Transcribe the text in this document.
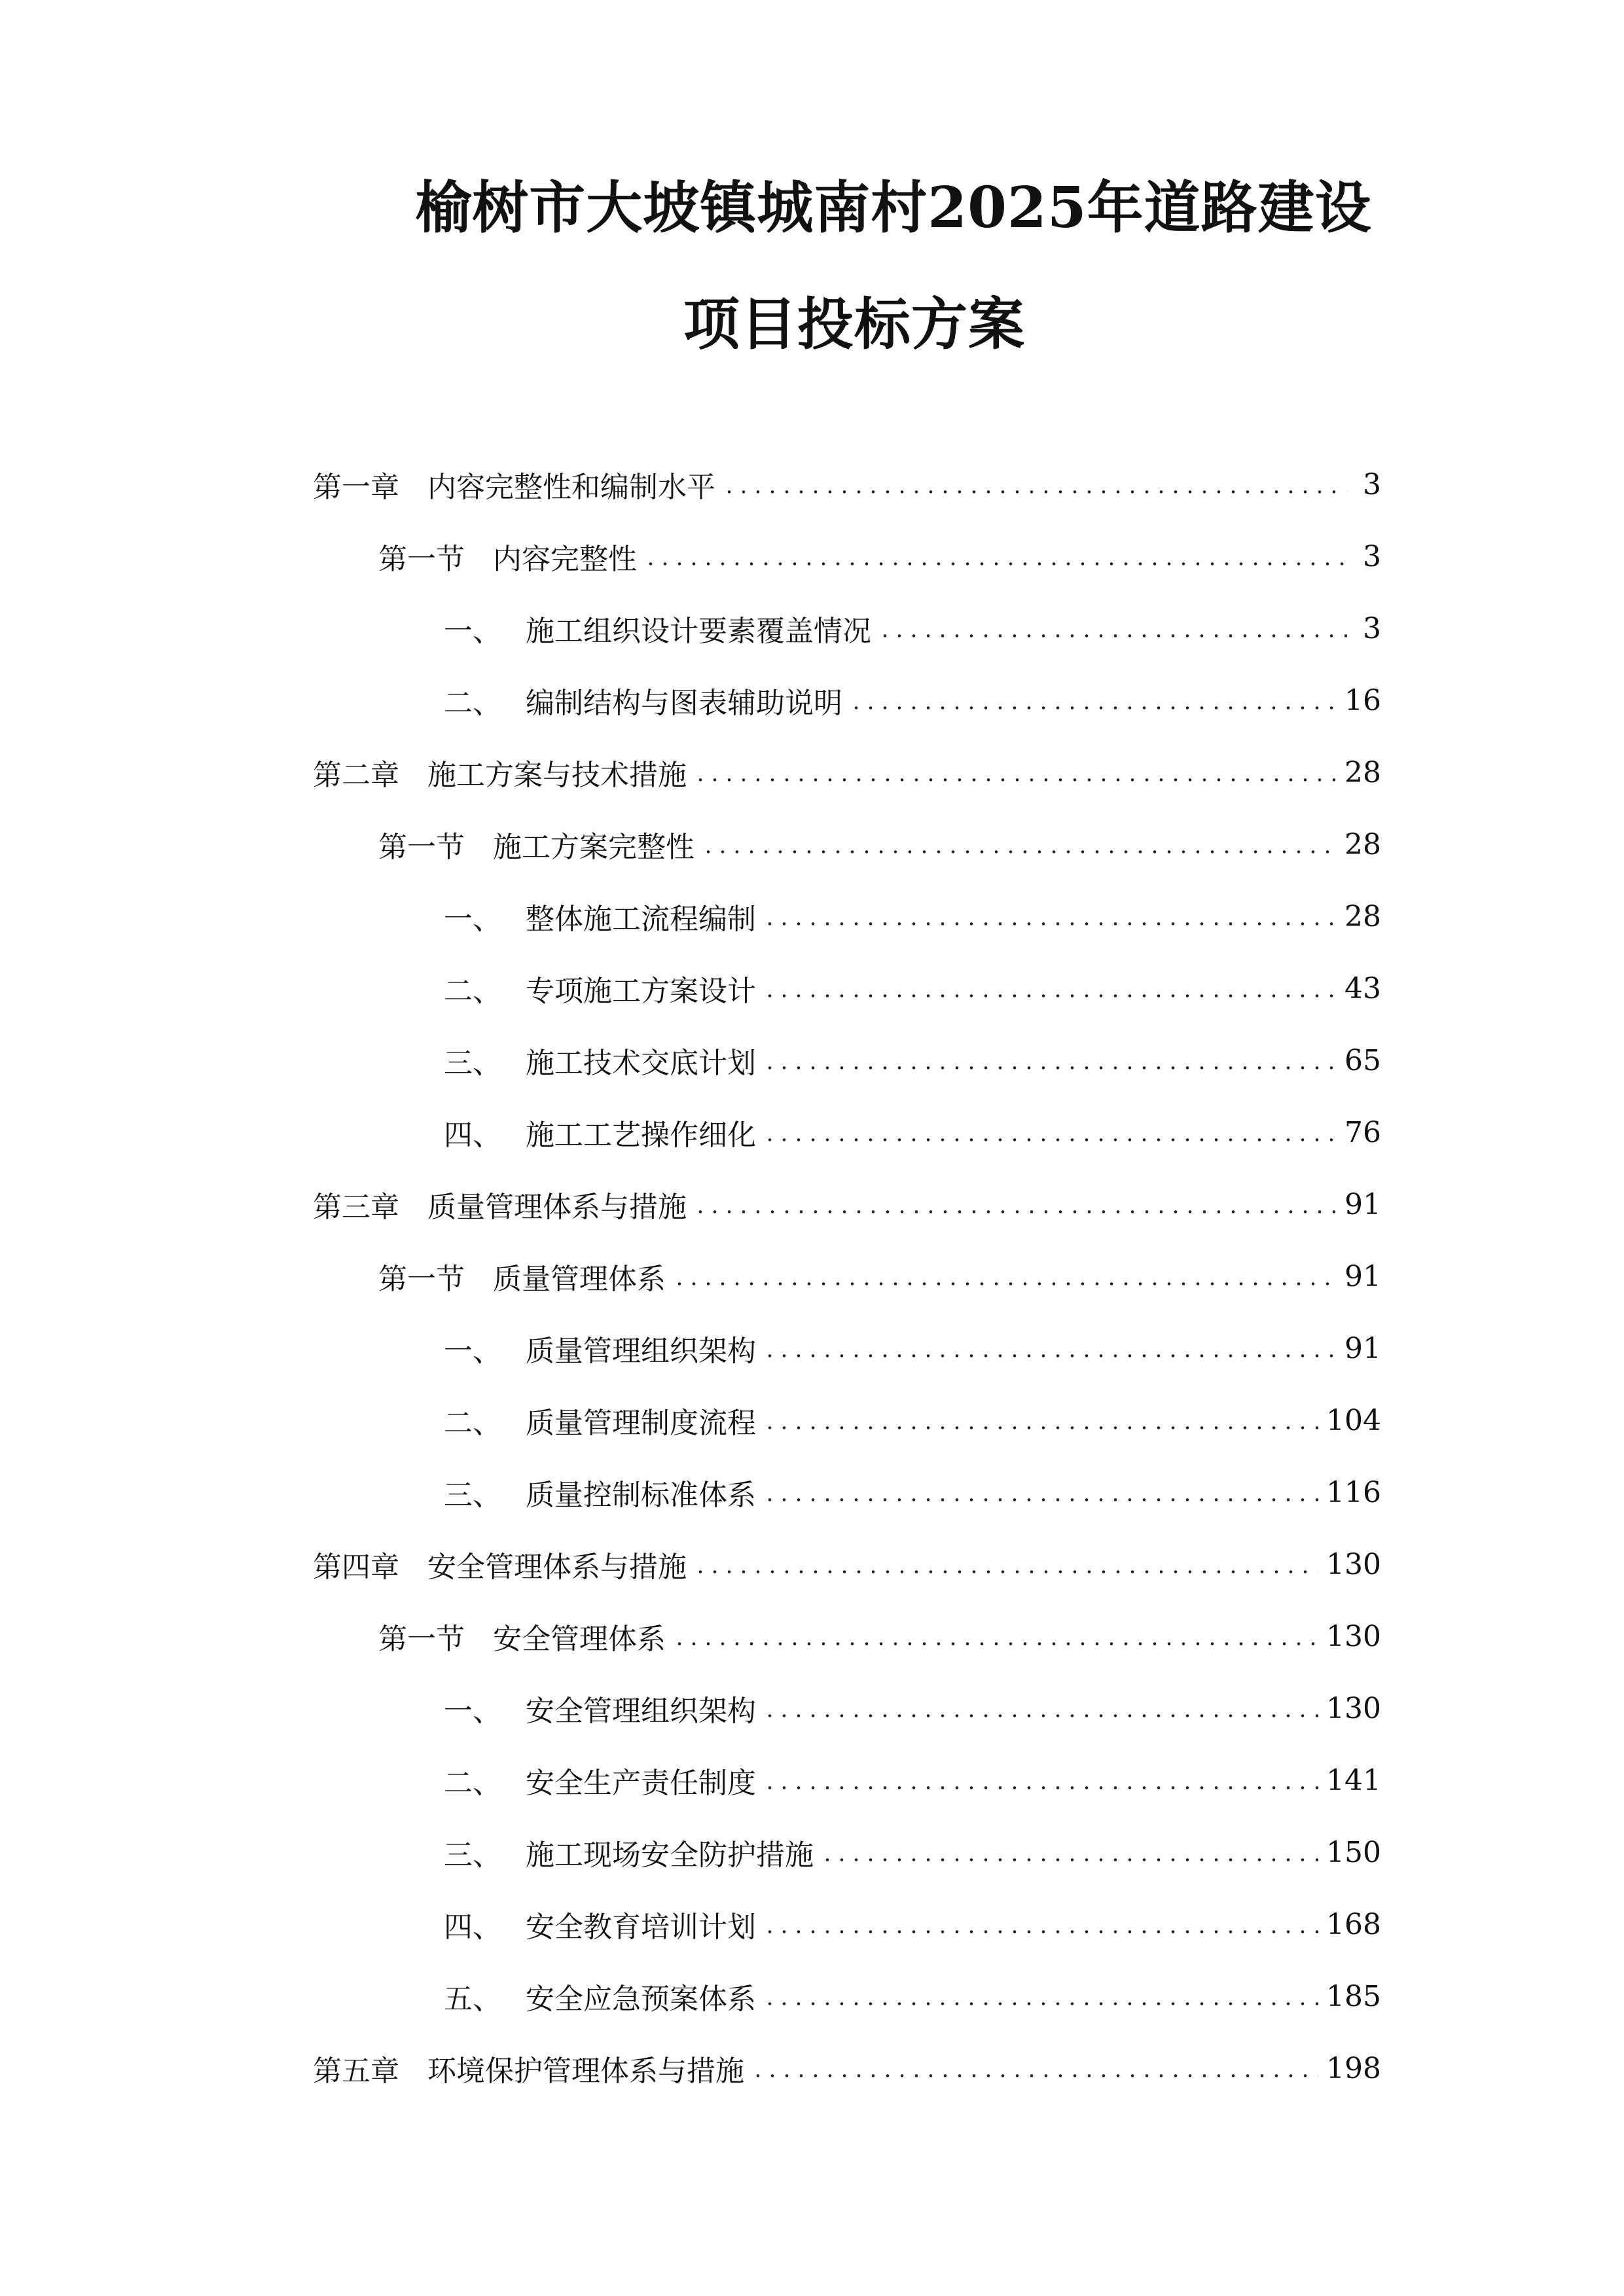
榆树市大坡镇城南村2025年道路建设
项目投标方案
第一章 内容完整性和编制水平	3
第一节 内容完整性	3
一、 施工组织设计要素覆盖情况	3
二、 编制结构与图表辅助说明	16
第二章 施工方案与技术措施	28
第一节 施工方案完整性	28
一、 整体施工流程编制	28
二、 专项施工方案设计	43
三、 施工技术交底计划	65
四、 施工工艺操作细化	76
第三章 质量管理体系与措施	91
第一节 质量管理体系	91
一、 质量管理组织架构	91
二、 质量管理制度流程	104
三、 质量控制标准体系	116
第四章 安全管理体系与措施	130
第一节 安全管理体系	130
一、 安全管理组织架构	130
二、 安全生产责任制度	141
三、 施工现场安全防护措施	150
四、 安全教育培训计划	168
五、 安全应急预案体系	185
第五章 环境保护管理体系与措施	198
